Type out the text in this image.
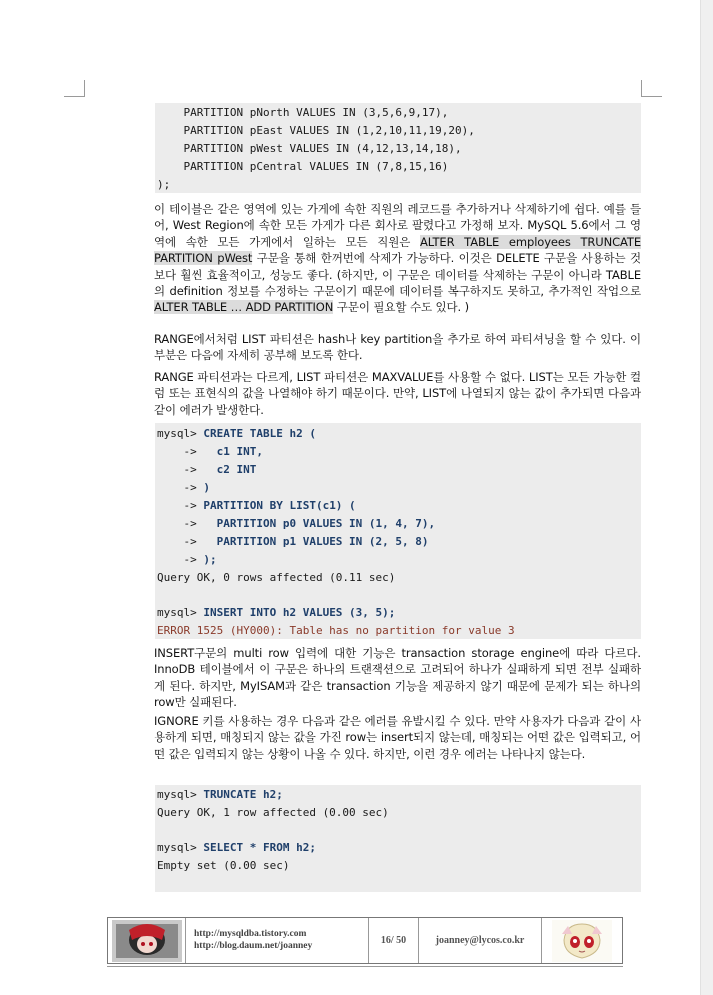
PARTITION pNorth VALUES IN (3,5,6,9,17),
PARTITION pEast VALUES IN (1,2,10,11,19,20),
PARTITION pWest VALUES IN (4,12,13,14,18),
PARTITION pCentral VALUES IN (7,8,15,16)
);
이 테이블은 같은 영역에 있는 가게에 속한 직원의 레코드를 추가하거나 삭제하기에 쉽다. 예를 들어, West Region에 속한 모든 가게가 다른 회사로 팔렸다고 가정해 보자. MySQL 5.6에서 그 영역에 속한 모든 가게에서 일하는 모든 직원은 ALTER TABLE employees TRUNCATE PARTITION pWest 구문을 통해 한꺼번에 삭제가 가능하다. 이것은 DELETE 구문을 사용하는 것보다 훨씬 효율적이고, 성능도 좋다. (하지만, 이 구문은 데이터를 삭제하는 구문이 아니라 TABLE의 definition 정보를 수정하는 구문이기 때문에 데이터를 복구하지도 못하고, 추가적인 작업으로 ALTER TABLE … ADD PARTITION 구문이 필요할 수도 있다. )
RANGE에서처럼 LIST 파티션은 hash나 key partition을 추가로 하여 파티셔닝을 할 수 있다. 이 부분은 다음에 자세히 공부해 보도록 한다.
RANGE 파티션과는 다르게, LIST 파티션은 MAXVALUE를 사용할 수 없다. LIST는 모든 가능한 컬럼 또는 표현식의 값을 나열해야 하기 때문이다. 만약, LIST에 나열되지 않는 값이 추가되면 다음과 같이 에러가 발생한다.
mysql> CREATE TABLE h2 (
->   c1 INT,
->   c2 INT
-> )
-> PARTITION BY LIST(c1) (
->   PARTITION p0 VALUES IN (1, 4, 7),
->   PARTITION p1 VALUES IN (2, 5, 8)
-> );
Query OK, 0 rows affected (0.11 sec)
mysql> INSERT INTO h2 VALUES (3, 5);
ERROR 1525 (HY000): Table has no partition for value 3
INSERT구문의 multi row 입력에 대한 기능은 transaction storage engine에 따라 다르다. InnoDB 테이블에서 이 구문은 하나의 트랜잭션으로 고려되어 하나가 실패하게 되면 전부 실패하게 된다. 하지만, MyISAM과 같은 transaction 기능을 제공하지 않기 때문에 문제가 되는 하나의 row만 실패된다.
IGNORE 키를 사용하는 경우 다음과 같은 에러를 유발시킬 수 있다. 만약 사용자가 다음과 같이 사용하게 되면, 매칭되지 않는 값을 가진 row는 insert되지 않는데, 매칭되는 어떤 값은 입력되고, 어떤 값은 입력되지 않는 상황이 나올 수 있다. 하지만, 이런 경우 에러는 나타나지 않는다.
mysql> TRUNCATE h2;
Query OK, 1 row affected (0.00 sec)
mysql> SELECT * FROM h2;
Empty set (0.00 sec)
http://mysqldba.tistory.com
http://blog.daum.net/joanney	16/ 50	joanney@lycos.co.kr
